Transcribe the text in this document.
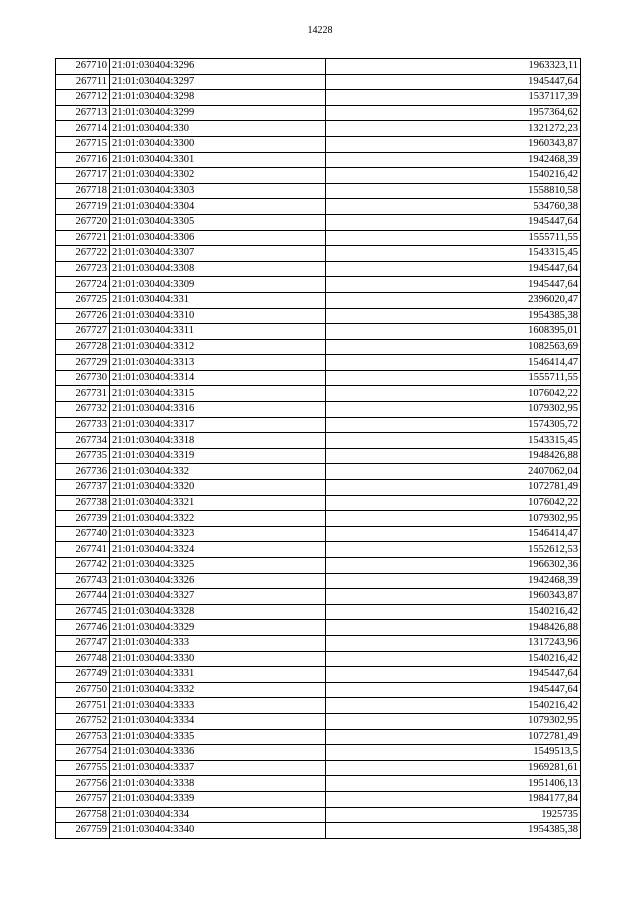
14228
267710	21:01:030404:3296	1963323,11
267711	21:01:030404:3297	1945447,64
267712	21:01:030404:3298	1537117,39
267713	21:01:030404:3299	1957364,62
267714	21:01:030404:330	1321272,23
267715	21:01:030404:3300	1960343,87
267716	21:01:030404:3301	1942468,39
267717	21:01:030404:3302	1540216,42
267718	21:01:030404:3303	1558810,58
267719	21:01:030404:3304	534760,38
267720	21:01:030404:3305	1945447,64
267721	21:01:030404:3306	1555711,55
267722	21:01:030404:3307	1543315,45
267723	21:01:030404:3308	1945447,64
267724	21:01:030404:3309	1945447,64
267725	21:01:030404:331	2396020,47
267726	21:01:030404:3310	1954385,38
267727	21:01:030404:3311	1608395,01
267728	21:01:030404:3312	1082563,69
267729	21:01:030404:3313	1546414,47
267730	21:01:030404:3314	1555711,55
267731	21:01:030404:3315	1076042,22
267732	21:01:030404:3316	1079302,95
267733	21:01:030404:3317	1574305,72
267734	21:01:030404:3318	1543315,45
267735	21:01:030404:3319	1948426,88
267736	21:01:030404:332	2407062,04
267737	21:01:030404:3320	1072781,49
267738	21:01:030404:3321	1076042,22
267739	21:01:030404:3322	1079302,95
267740	21:01:030404:3323	1546414,47
267741	21:01:030404:3324	1552612,53
267742	21:01:030404:3325	1966302,36
267743	21:01:030404:3326	1942468,39
267744	21:01:030404:3327	1960343,87
267745	21:01:030404:3328	1540216,42
267746	21:01:030404:3329	1948426,88
267747	21:01:030404:333	1317243,96
267748	21:01:030404:3330	1540216,42
267749	21:01:030404:3331	1945447,64
267750	21:01:030404:3332	1945447,64
267751	21:01:030404:3333	1540216,42
267752	21:01:030404:3334	1079302,95
267753	21:01:030404:3335	1072781,49
267754	21:01:030404:3336	1549513,5
267755	21:01:030404:3337	1969281,61
267756	21:01:030404:3338	1951406,13
267757	21:01:030404:3339	1984177,84
267758	21:01:030404:334	1925735
267759	21:01:030404:3340	1954385,38
